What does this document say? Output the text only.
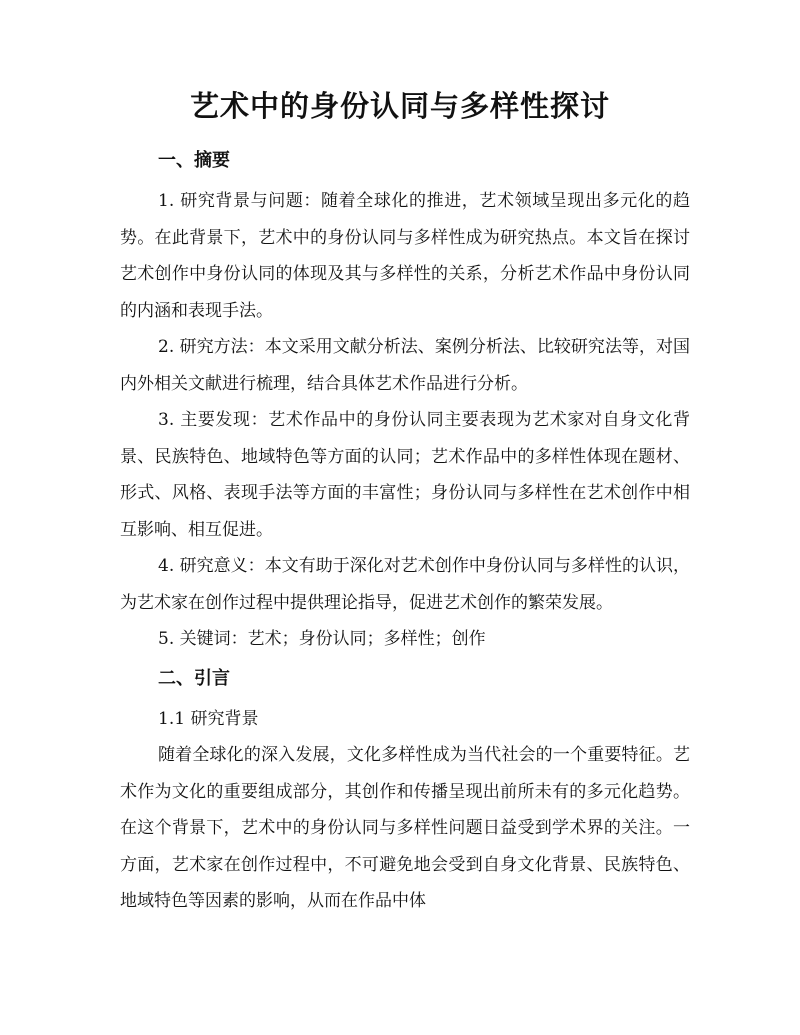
艺术中的身份认同与多样性探讨
一、摘要

1. 研究背景与问题：随着全球化的推进，艺术领域呈现出多元化的趋势。在此背景下，艺术中的身份认同与多样性成为研究热点。本文旨在探讨艺术创作中身份认同的体现及其与多样性的关系，分析艺术作品中身份认同的内涵和表现手法。

2. 研究方法：本文采用文献分析法、案例分析法、比较研究法等，对国内外相关文献进行梳理，结合具体艺术作品进行分析。

3. 主要发现：艺术作品中的身份认同主要表现为艺术家对自身文化背景、民族特色、地域特色等方面的认同；艺术作品中的多样性体现在题材、形式、风格、表现手法等方面的丰富性；身份认同与多样性在艺术创作中相互影响、相互促进。

4. 研究意义：本文有助于深化对艺术创作中身份认同与多样性的认识，为艺术家在创作过程中提供理论指导，促进艺术创作的繁荣发展。

5. 关键词：艺术；身份认同；多样性；创作

二、引言

1.1 研究背景

随着全球化的深入发展，文化多样性成为当代社会的一个重要特征。艺术作为文化的重要组成部分，其创作和传播呈现出前所未有的多元化趋势。在这个背景下，艺术中的身份认同与多样性问题日益受到学术界的关注。一方面，艺术家在创作过程中，不可避免地会受到自身文化背景、民族特色、地域特色等因素的影响，从而在作品中体
